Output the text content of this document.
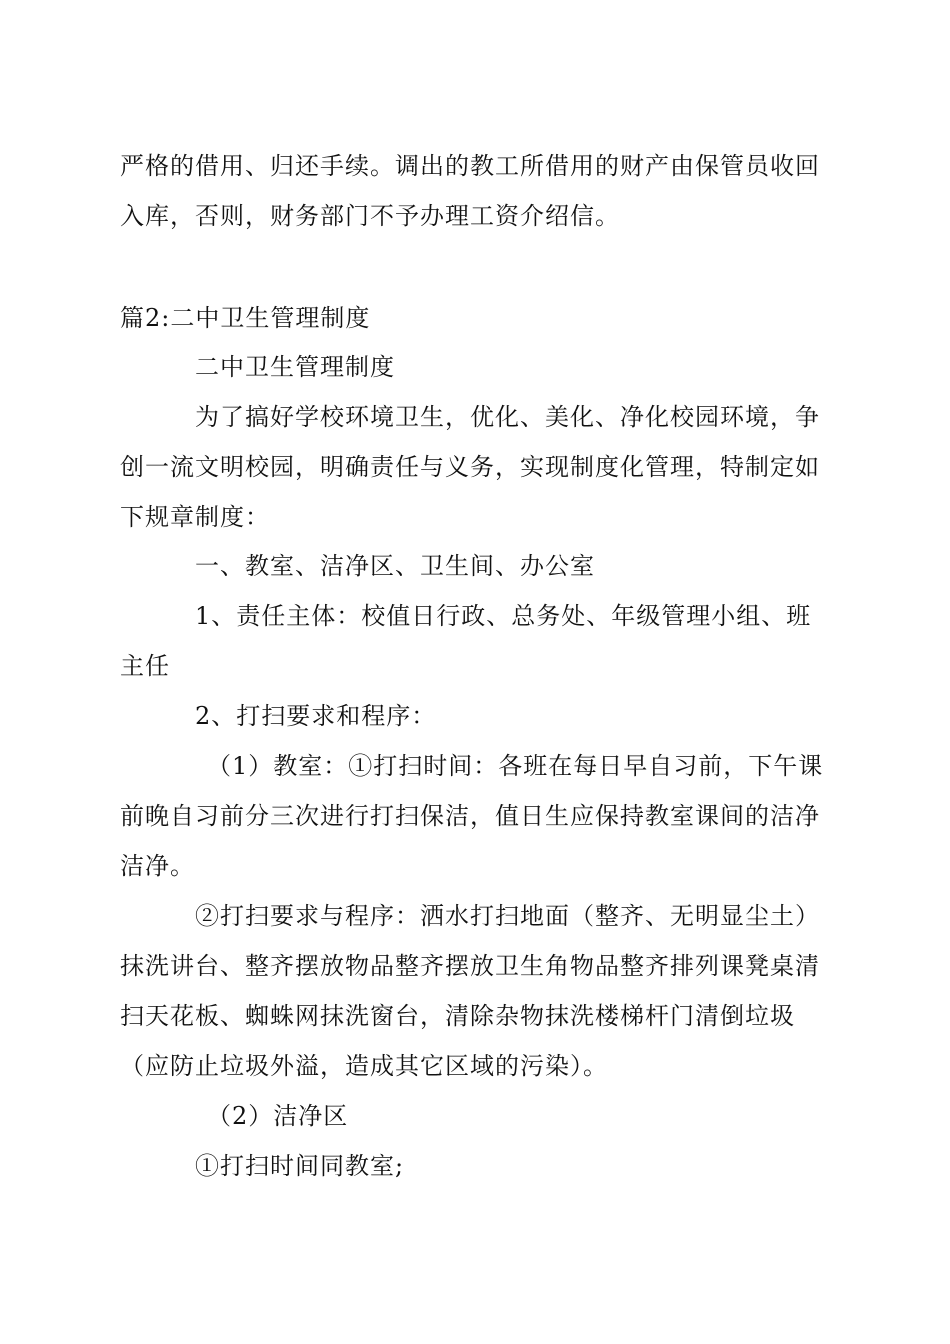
严格的借用、归还手续。调出的教工所借用的财产由保管员收回
入库，否则，财务部门不予办理工资介绍信。
篇2:二中卫生管理制度
二中卫生管理制度
为了搞好学校环境卫生，优化、美化、净化校园环境，争
创一流文明校园，明确责任与义务，实现制度化管理，特制定如
下规章制度：
一、教室、洁净区、卫生间、办公室
1、责任主体：校值日行政、总务处、年级管理小组、班
主任
2、打扫要求和程序：
（1）教室：①打扫时间：各班在每日早自习前，下午课
前晚自习前分三次进行打扫保洁，值日生应保持教室课间的洁净
洁净。
②打扫要求与程序：洒水打扫地面（整齐、无明显尘土）
抹洗讲台、整齐摆放物品整齐摆放卫生角物品整齐排列课凳桌清
扫天花板、蜘蛛网抹洗窗台，清除杂物抹洗楼梯杆门清倒垃圾
（应防止垃圾外溢，造成其它区域的污染）。
（2）洁净区
①打扫时间同教室;
